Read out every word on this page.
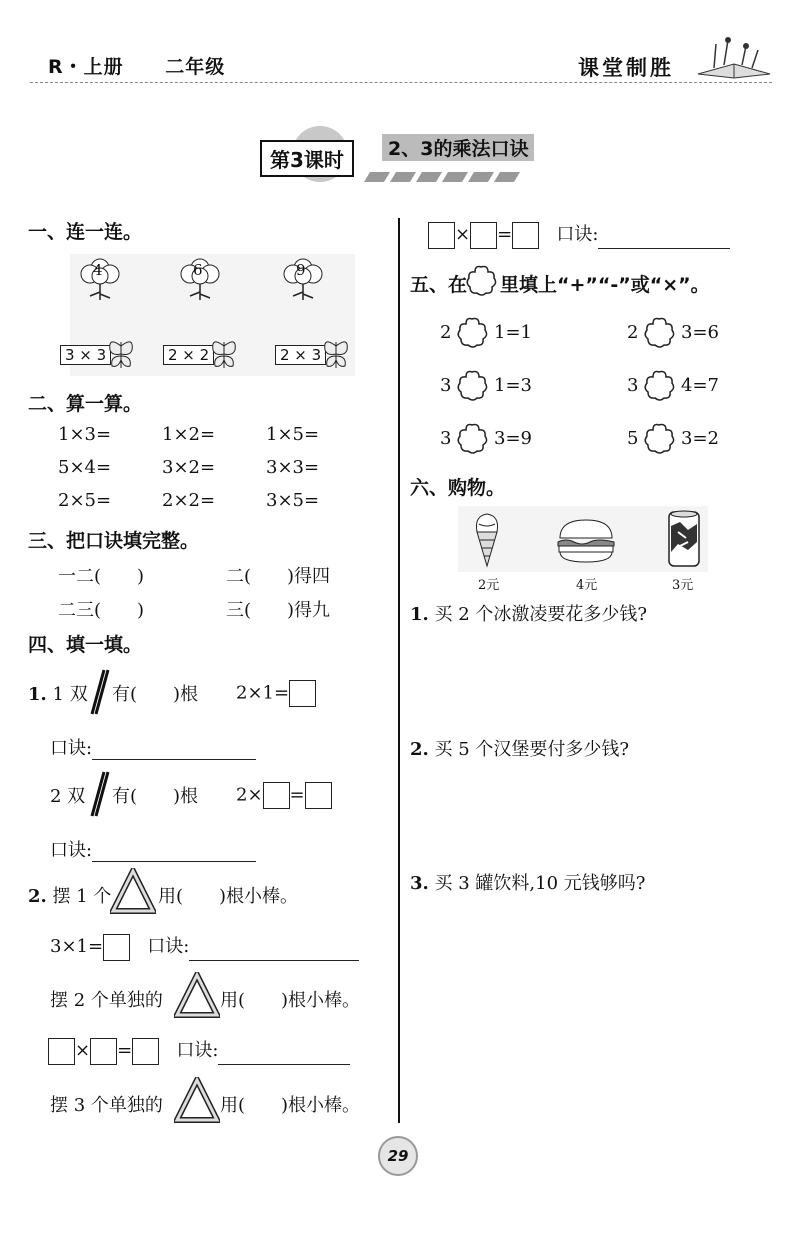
R・上册 二年级	课堂制胜
第3课时	2、3的乘法口诀
一、连一连。
4	6	9
3 × 3	2 × 2	2 × 3
二、算一算。
1×3=	1×2=	1×5=
5×4=	3×2=	3×3=
2×5=	2×2=	3×5=
三、把口诀填完整。
一二(　　)	二(　　)得四
二三(　　)	三(　　)得九
四、填一填。
1. 1 双 有(　　)根 2×1=
口诀:
2 双 有(　　)根 2× =
口诀:
2. 摆 1 个	用(　　)根小棒。
3×1= 口诀:
摆 2 个单独的	用(　　)根小棒。
× = 口诀:
摆 3 个单独的	用(　　)根小棒。
× = 口诀:
五、在 里填上“+”“-”或“×”。
2 1=1	2 3=6
3 1=3	3 4=7
3 3=9	5 3=2
六、购物。
2元	4元	3元
1. 买 2 个冰激凌要花多少钱?
2. 买 5 个汉堡要付多少钱?
3. 买 3 罐饮料,10 元钱够吗?
29
